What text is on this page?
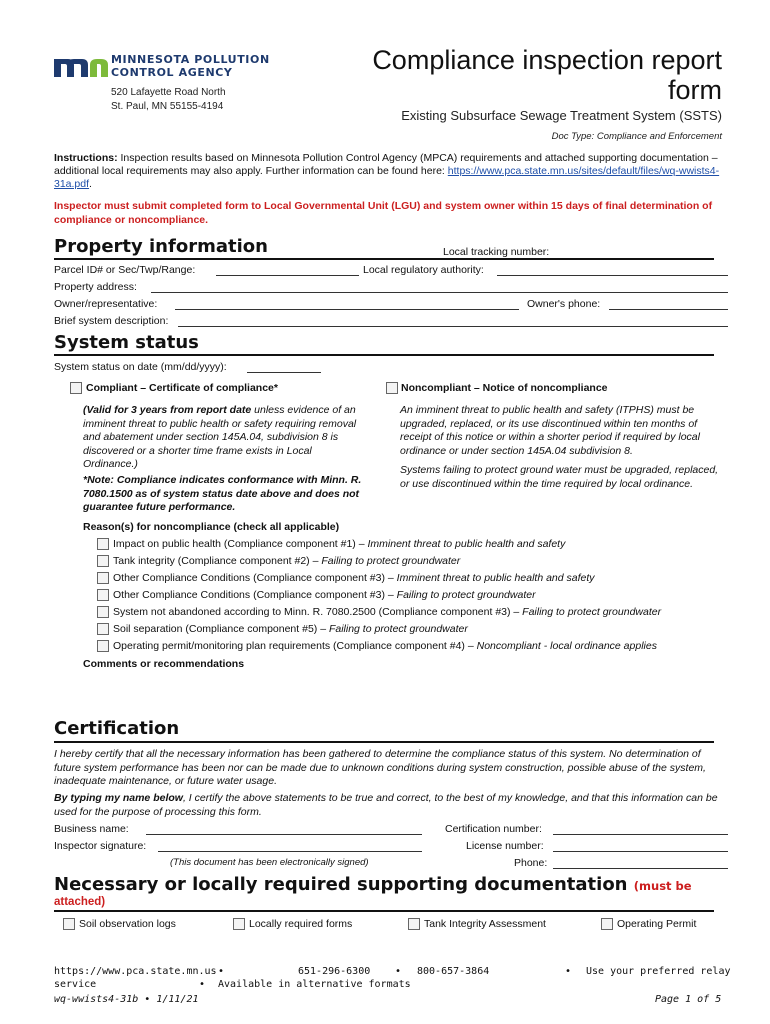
MINNESOTA POLLUTION
CONTROL AGENCY
520 Lafayette Road North
St. Paul, MN 55155-4194
Compliance inspection report
form
Existing Subsurface Sewage Treatment System (SSTS)
Doc Type: Compliance and Enforcement
Instructions: Inspection results based on Minnesota Pollution Control Agency (MPCA) requirements and attached supporting documentation – additional local requirements may also apply. Further information can be found here: https://www.pca.state.mn.us/sites/default/files/wq-wwists4-31a.pdf.
Inspector must submit completed form to Local Governmental Unit (LGU) and system owner within 15 days of final determination of compliance or noncompliance.
Property information	Local tracking number:
Parcel ID# or Sec/Twp/Range:	Local regulatory authority:
Property address:
Owner/representative:	Owner's phone:
Brief system description:
System status
System status on date (mm/dd/yyyy):
Compliant – Certificate of compliance*
(Valid for 3 years from report date unless evidence of an imminent threat to public health or safety requiring removal and abatement under section 145A.04, subdivision 8 is discovered or a shorter time frame exists in Local Ordinance.)
*Note: Compliance indicates conformance with Minn. R. 7080.1500 as of system status date above and does not guarantee future performance.
Noncompliant – Notice of noncompliance
An imminent threat to public health and safety (ITPHS) must be upgraded, replaced, or its use discontinued within ten months of receipt of this notice or within a shorter period if required by local ordinance or under section 145A.04 subdivision 8.
Systems failing to protect ground water must be upgraded, replaced, or use discontinued within the time required by local ordinance.
Reason(s) for noncompliance (check all applicable)
Impact on public health (Compliance component #1) – Imminent threat to public health and safety
Tank integrity (Compliance component #2) – Failing to protect groundwater
Other Compliance Conditions (Compliance component #3) – Imminent threat to public health and safety
Other Compliance Conditions (Compliance component #3) – Failing to protect groundwater
System not abandoned according to Minn. R. 7080.2500 (Compliance component #3) – Failing to protect groundwater
Soil separation (Compliance component #5) – Failing to protect groundwater
Operating permit/monitoring plan requirements (Compliance component #4) – Noncompliant - local ordinance applies
Comments or recommendations
Certification
I hereby certify that all the necessary information has been gathered to determine the compliance status of this system. No determination of future system performance has been nor can be made due to unknown conditions during system construction, possible abuse of the system, inadequate maintenance, or future water usage.
By typing my name below, I certify the above statements to be true and correct, to the best of my knowledge, and that this information can be used for the purpose of processing this form.
Business name:	Certification number:
Inspector signature:	License number:
(This document has been electronically signed)	Phone:
Necessary or locally required supporting documentation (must be
attached)
Soil observation logs	Locally required forms	Tank Integrity Assessment	Operating Permit
https://www.pca.state.mn.us •	651-296-6300 • 800-657-3864	• Use your preferred relay
service	• Available in alternative formats
wq-wwists4-31b • 1/11/21	Page 1 of 5
